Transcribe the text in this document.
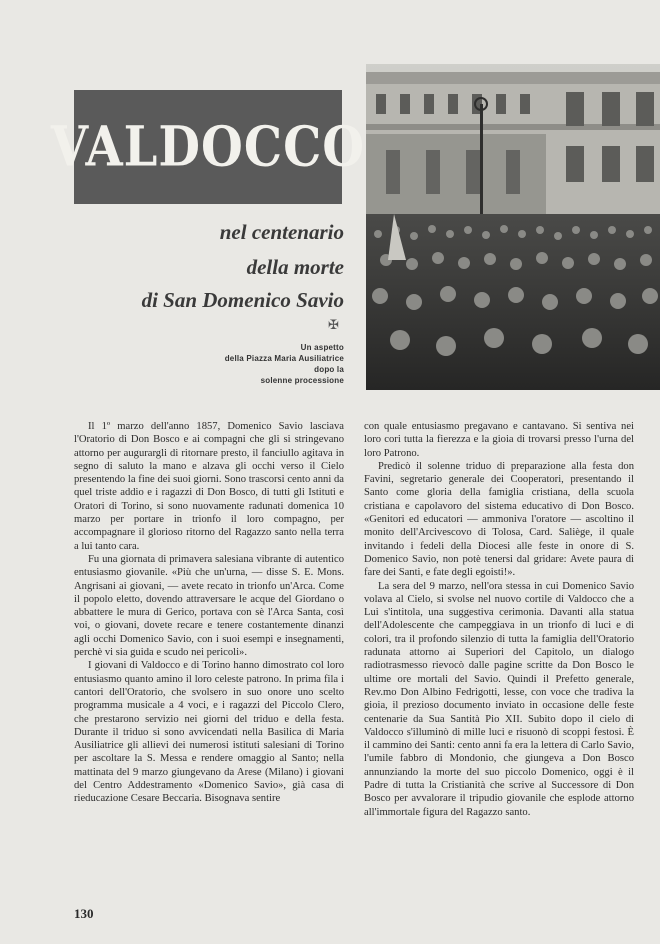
VALDOCCO
nel centenario
della morte
di San Domenico Savio
✠
Un aspetto
della Piazza Maria Ausiliatrice
dopo la
solenne processione

Il 1º marzo dell'anno 1857, Domenico Savio lasciava l'Oratorio di Don Bosco e ai compagni che gli si stringevano attorno per augurargli di ritornare presto, il fanciullo agitava in segno di saluto la mano e alzava gli occhi verso il Cielo presentendo la fine dei suoi giorni. Sono trascorsi cento anni da quel triste addio e i ragazzi di Don Bosco, di tutti gli Istituti e Oratori di Torino, si sono nuovamente radunati domenica 10 marzo per portare in trionfo il loro compagno, per accompagnare il glorioso ritorno del Ragazzo santo nella terra a lui tanto cara.

Fu una giornata di primavera salesiana vibrante di autentico entusiasmo giovanile. «Più che un'urna, — disse S. E. Mons. Angrisani ai giovani, — avete recato in trionfo un'Arca. Come il popolo eletto, dovendo attraversare le acque del Giordano o abbattere le mura di Gerico, portava con sè l'Arca Santa, così voi, o giovani, dovete recare e tenere costantemente dinanzi agli occhi Domenico Savio, con i suoi esempi e insegnamenti, perchè vi sia guida e scudo nei pericoli».

I giovani di Valdocco e di Torino hanno dimostrato col loro entusiasmo quanto amino il loro celeste patrono. In prima fila i cantori dell'Oratorio, che svolsero in suo onore uno scelto programma musicale a 4 voci, e i ragazzi del Piccolo Clero, che prestarono servizio nei giorni del triduo e della festa. Durante il triduo si sono avvicendati nella Basilica di Maria Ausiliatrice gli allievi dei numerosi istituti salesiani di Torino per ascoltare la S. Messa e rendere omaggio al Santo; nella mattinata del 9 marzo giungevano da Arese (Milano) i giovani del Centro Addestramento «Domenico Savio», già casa di rieducazione Cesare Beccaria. Bisognava sentire

con quale entusiasmo pregavano e cantavano. Si sentiva nei loro cori tutta la fierezza e la gioia di trovarsi presso l'urna del loro Patrono.

Predicò il solenne triduo di preparazione alla festa don Favini, segretario generale dei Cooperatori, presentando il Santo come gloria della famiglia cristiana, della scuola cristiana e capolavoro del sistema educativo di Don Bosco. «Genitori ed educatori — ammoniva l'oratore — ascoltino il monito dell'Arcivescovo di Tolosa, Card. Saliège, il quale invitando i fedeli della Diocesi alle feste in onore di S. Domenico Savio, non potè tenersi dal gridare: Avete paura di fare dei Santi, e fate degli egoisti!».

La sera del 9 marzo, nell'ora stessa in cui Domenico Savio volava al Cielo, si svolse nel nuovo cortile di Valdocco che a Lui s'intitola, una suggestiva cerimonia. Davanti alla statua dell'Adolescente che campeggiava in un trionfo di luci e di colori, tra il profondo silenzio di tutta la famiglia dell'Oratorio radunata attorno ai Superiori del Capitolo, un dialogo radiotrasmesso rievocò dalle pagine scritte da Don Bosco le ultime ore mortali del Savio. Quindi il Prefetto generale, Rev.mo Don Albino Fedrigotti, lesse, con voce che tradiva la gioia, il prezioso documento inviato in occasione delle feste centenarie da Sua Santità Pio XII. Subito dopo il cielo di Valdocco s'illuminò di mille luci e risuonò di scoppi festosi. È il cammino dei Santi: cento anni fa era la lettera di Carlo Savio, l'umile fabbro di Mondonio, che giungeva a Don Bosco annunziando la morte del suo piccolo Domenico, oggi è il Padre di tutta la Cristianità che scrive al Successore di Don Bosco per avvalorare il tripudio giovanile che esplode attorno all'immortale figura del Ragazzo santo.

130
